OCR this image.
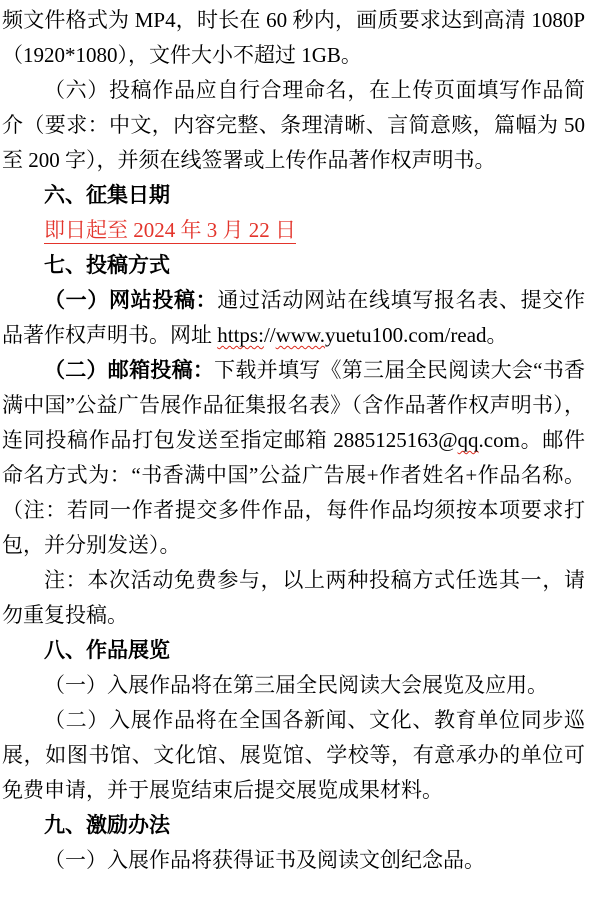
频文件格式为 MP4，时长在 60 秒内，画质要求达到高清 1080P（1920*1080），文件大小不超过 1GB。
（六）投稿作品应自行合理命名，在上传页面填写作品简介（要求：中文，内容完整、条理清晰、言简意赅，篇幅为 50 至 200 字），并须在线签署或上传作品著作权声明书。
六、征集日期
即日起至 2024 年 3 月 22 日
七、投稿方式
（一）网站投稿：通过活动网站在线填写报名表、提交作品著作权声明书。网址 https://www.yuetu100.com/read。
（二）邮箱投稿：下载并填写《第三届全民阅读大会“书香满中国”公益广告展作品征集报名表》（含作品著作权声明书），连同投稿作品打包发送至指定邮箱 2885125163@qq.com。邮件命名方式为：“书香满中国”公益广告展+作者姓名+作品名称。（注：若同一作者提交多件作品，每件作品均须按本项要求打包，并分别发送）。
注：本次活动免费参与，以上两种投稿方式任选其一，请勿重复投稿。
八、作品展览
（一）入展作品将在第三届全民阅读大会展览及应用。
（二）入展作品将在全国各新闻、文化、教育单位同步巡展，如图书馆、文化馆、展览馆、学校等，有意承办的单位可免费申请，并于展览结束后提交展览成果材料。
九、激励办法
（一）入展作品将获得证书及阅读文创纪念品。
